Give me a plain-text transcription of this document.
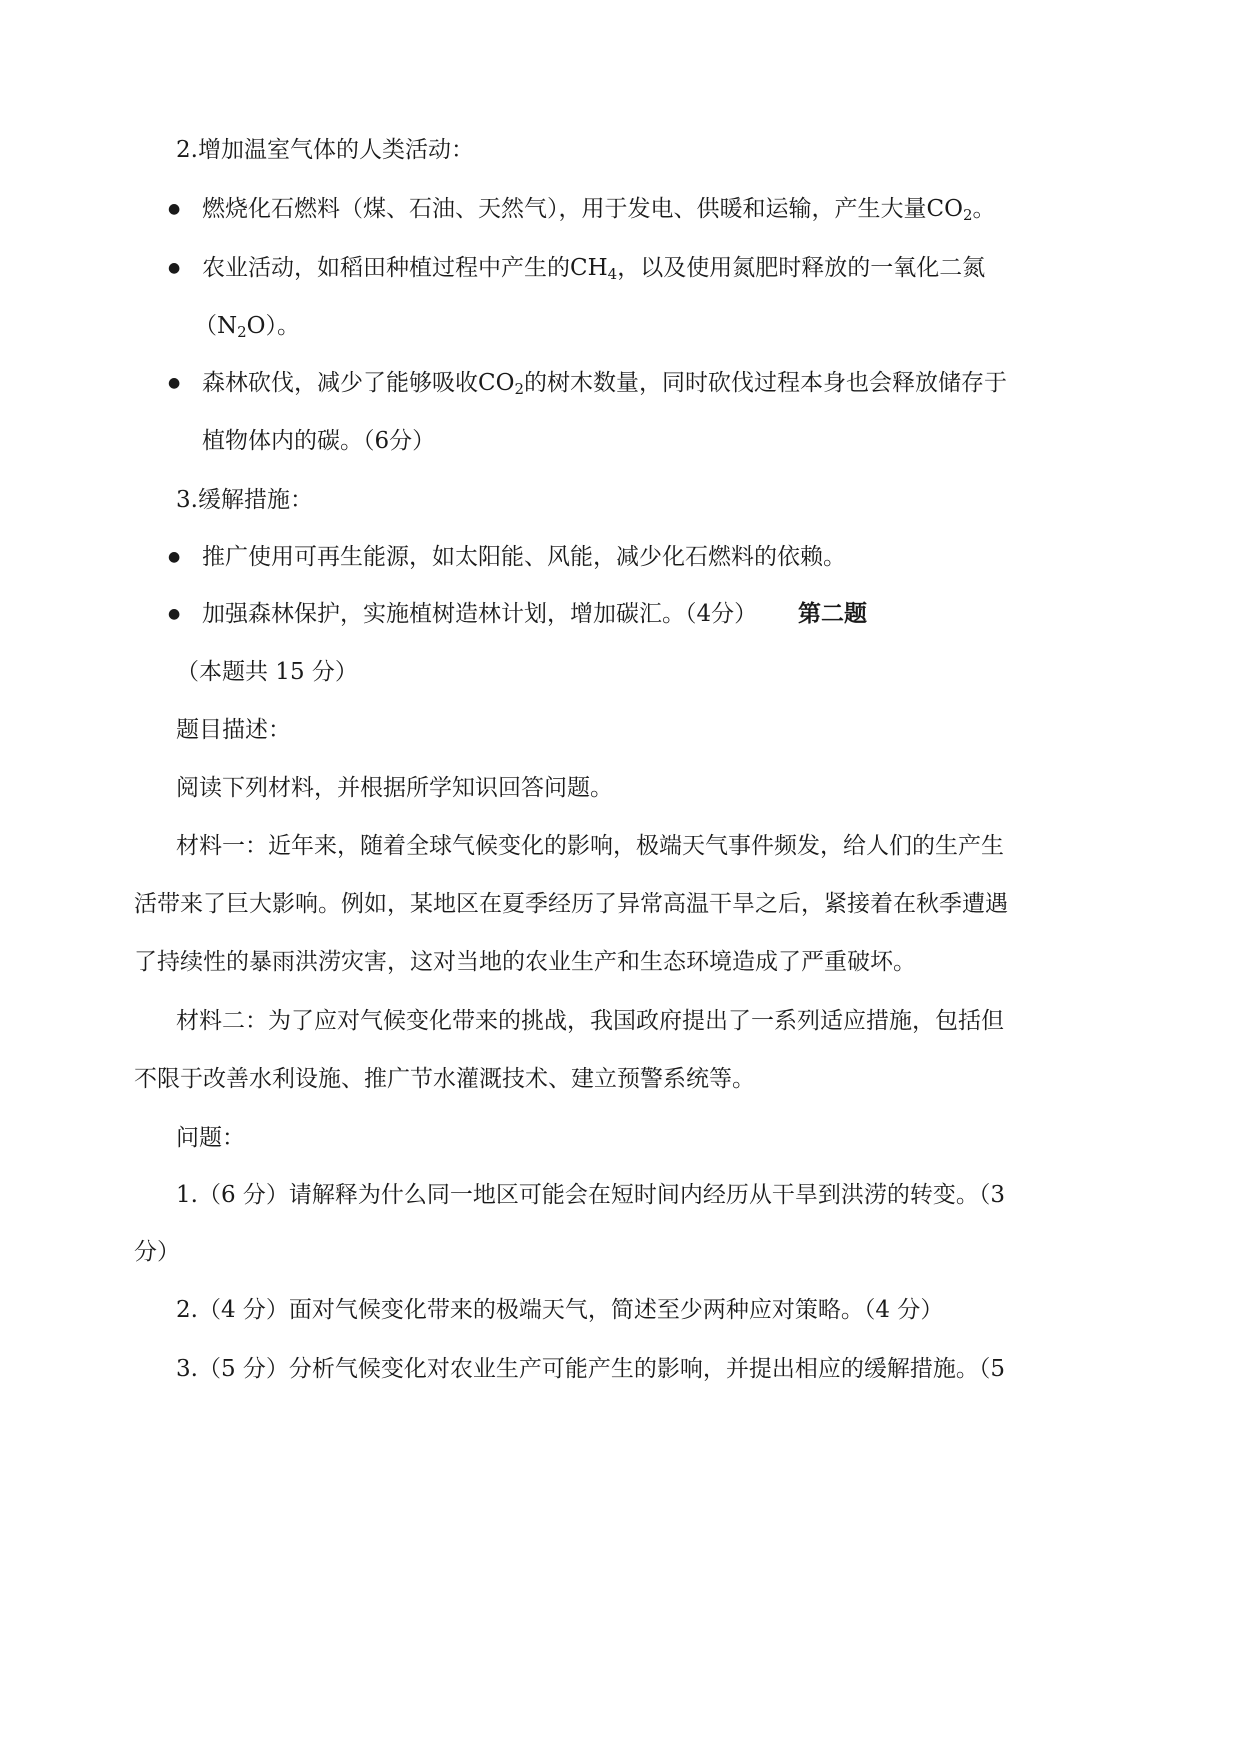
2.增加温室气体的人类活动：
● 燃烧化石燃料（煤、石油、天然气），用于发电、供暖和运输，产生大量$CO_2$。
● 农业活动，如稻田种植过程中产生的$CH_4$，以及使用氮肥时释放的一氧化二氮
$(N_2O)$。
● 森林砍伐，减少了能够吸收$CO_2$的树木数量，同时砍伐过程本身也会释放储存于
植物体内的碳。（6分）
3.缓解措施：
● 推广使用可再生能源，如太阳能、风能，减少化石燃料的依赖。
● 加强森林保护，实施植树造林计划，增加碳汇。（4分） 第二题
（本题共 15 分）
题目描述：
阅读下列材料，并根据所学知识回答问题。
材料一：近年来，随着全球气候变化的影响，极端天气事件频发，给人们的生产生
活带来了巨大影响。例如，某地区在夏季经历了异常高温干旱之后，紧接着在秋季遭遇
了持续性的暴雨洪涝灾害，这对当地的农业生产和生态环境造成了严重破坏。
材料二：为了应对气候变化带来的挑战，我国政府提出了一系列适应措施，包括但
不限于改善水利设施、推广节水灌溉技术、建立预警系统等。
问题：
1.（6 分）请解释为什么同一地区可能会在短时间内经历从干旱到洪涝的转变。（3
分）
2.（4 分）面对气候变化带来的极端天气，简述至少两种应对策略。（4 分）
3.（5 分）分析气候变化对农业生产可能产生的影响，并提出相应的缓解措施。（5
